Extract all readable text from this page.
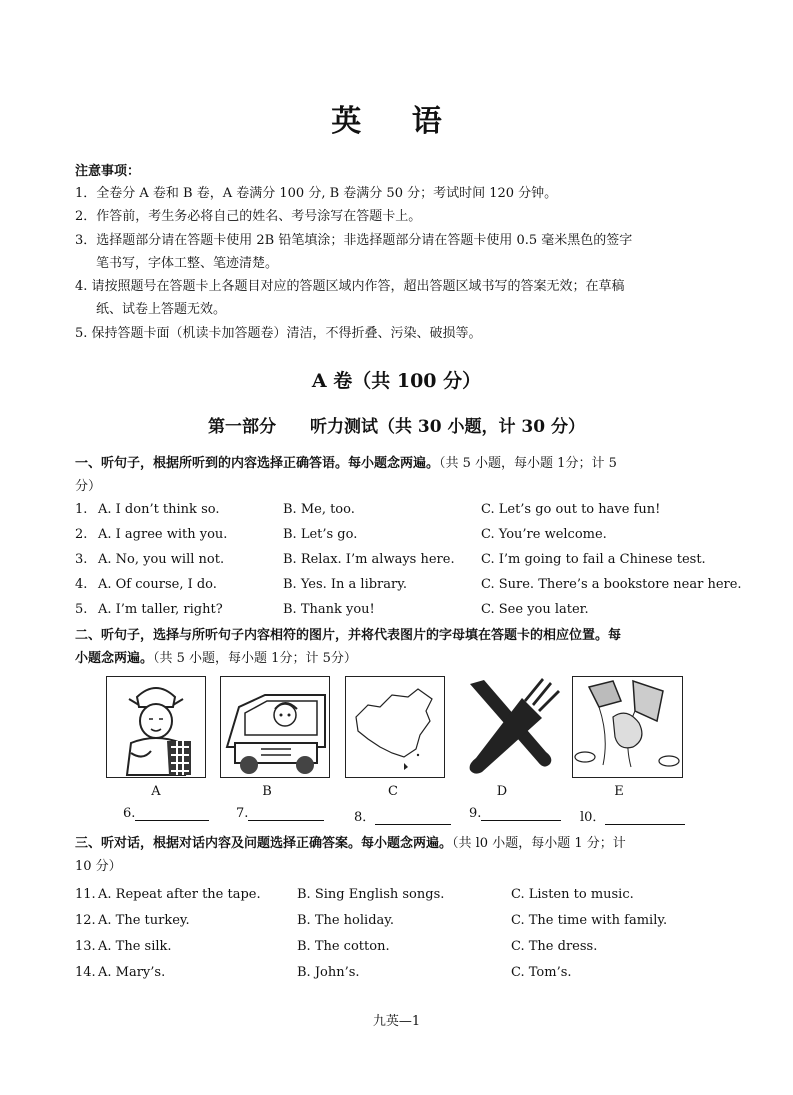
英 语
注意事项：
1．全卷分 A 卷和 B 卷，A 卷满分 100 分, B 卷满分 50 分；考试时间 120 分钟。
2．作答前，考生务必将自己的姓名、考号涂写在答题卡上。
3．选择题部分请在答题卡使用 2B 铅笔填涂；非选择题部分请在答题卡使用 0.5 毫米黑色的签字
笔书写，字体工整、笔迹清楚。
4. 请按照题号在答题卡上各题目对应的答题区域内作答，超出答题区域书写的答案无效；在草稿
纸、试卷上答题无效。
5. 保持答题卡面（机读卡加答题卷）清洁，不得折叠、污染、破损等。
A 卷（共 100 分）
第一部分　　听力测试（共 30 小题，计 30 分）
一、听句子，根据所听到的内容选择正确答语。每小题念两遍。（共 5 小题，每小题 1分；计 5
分）
1. A. I don’t think so.	B. Me, too.	C. Let’s go out to have fun!
2. A. I agree with you.	B. Let’s go.	C. You’re welcome.
3. A. No, you will not.	B. Relax. I’m always here. C. I’m going to fail a Chinese test.
4. A. Of course, I do.	B. Yes. In a library.	C. Sure. There’s a bookstore near here.
5. A. I’m taller, right?	B. Thank you!	C. See you later.
二、听句子，选择与所听句子内容相符的图片，并将代表图片的字母填在答题卡的相应位置。每
小题念两遍。（共 5 小题，每小题 1分；计 5分）
A	B	C	D	E
6.	7.	8．	9.	l0．
三、听对话，根据对话内容及问题选择正确答案。每小题念两遍。（共 l0 小题，每小题 1 分；计
10 分）
11. A. Repeat after the tape.	B. Sing English songs.	C. Listen to music.
12. A. The turkey.	B. The holiday.	C. The time with family.
13. A. The silk.	B. The cotton.	C. The dress.
14. A. Mary’s.	B. John’s.	C. Tom’s.
九英—1
